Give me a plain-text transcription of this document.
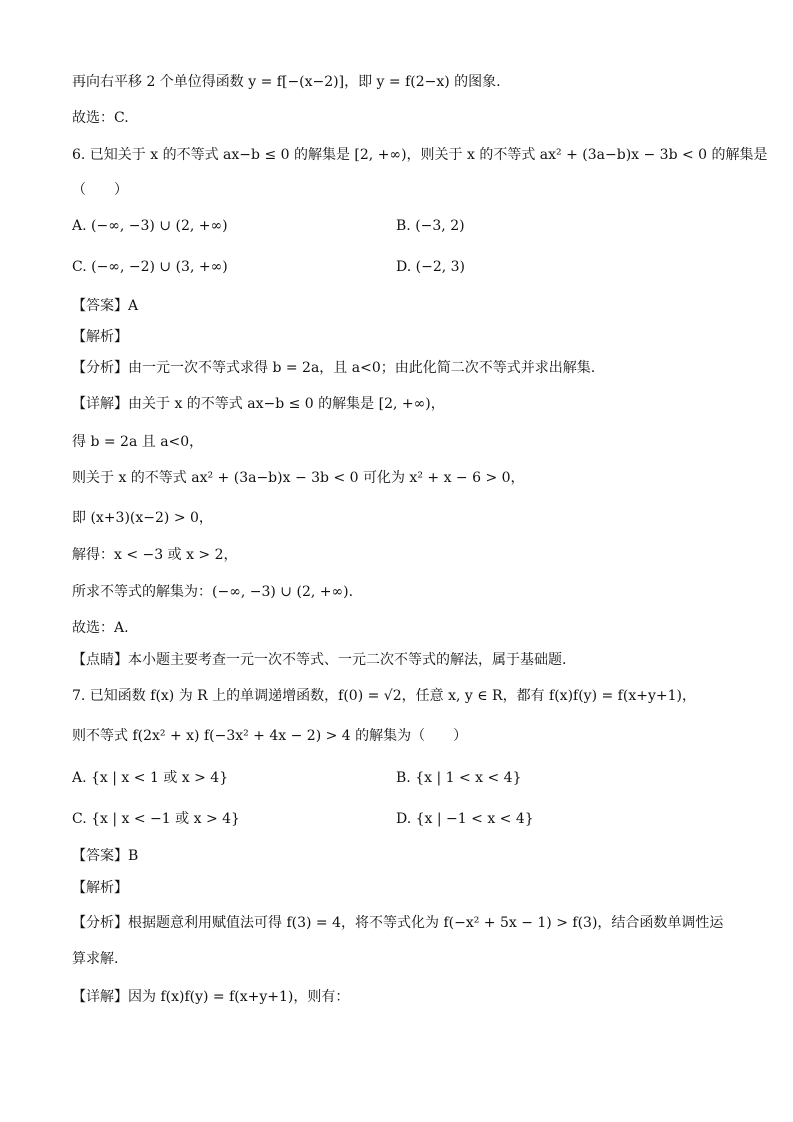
再向右平移 2 个单位得函数 y = f[−(x−2)]，即 y = f(2−x) 的图象.
故选：C.
6. 已知关于 x 的不等式 ax−b ≤ 0 的解集是 [2, +∞)，则关于 x 的不等式 ax² + (3a−b)x − 3b < 0 的解集是
（　　）
A. (−∞, −3) ∪ (2, +∞)	B. (−3, 2)
C. (−∞, −2) ∪ (3, +∞)	D. (−2, 3)
【答案】A
【解析】
【分析】由一元一次不等式求得 b = 2a，且 a<0；由此化简二次不等式并求出解集.
【详解】由关于 x 的不等式 ax−b ≤ 0 的解集是 [2, +∞)，
得 b = 2a 且 a<0，
则关于 x 的不等式 ax² + (3a−b)x − 3b < 0 可化为 x² + x − 6 > 0，
即 (x+3)(x−2) > 0，
解得：x < −3 或 x > 2，
所求不等式的解集为：(−∞, −3) ∪ (2, +∞).
故选：A.
【点睛】本小题主要考查一元一次不等式、一元二次不等式的解法，属于基础题.
7. 已知函数 f(x) 为 R 上的单调递增函数，f(0) = √2，任意 x, y ∈ R，都有 f(x)f(y) = f(x+y+1)，
则不等式 f(2x² + x) f(−3x² + 4x − 2) > 4 的解集为（　　）
A. {x | x < 1 或 x > 4}	B. {x | 1 < x < 4}
C. {x | x < −1 或 x > 4}	D. {x | −1 < x < 4}
【答案】B
【解析】
【分析】根据题意利用赋值法可得 f(3) = 4，将不等式化为 f(−x² + 5x − 1) > f(3)，结合函数单调性运
算求解.
【详解】因为 f(x)f(y) = f(x+y+1)，则有：
